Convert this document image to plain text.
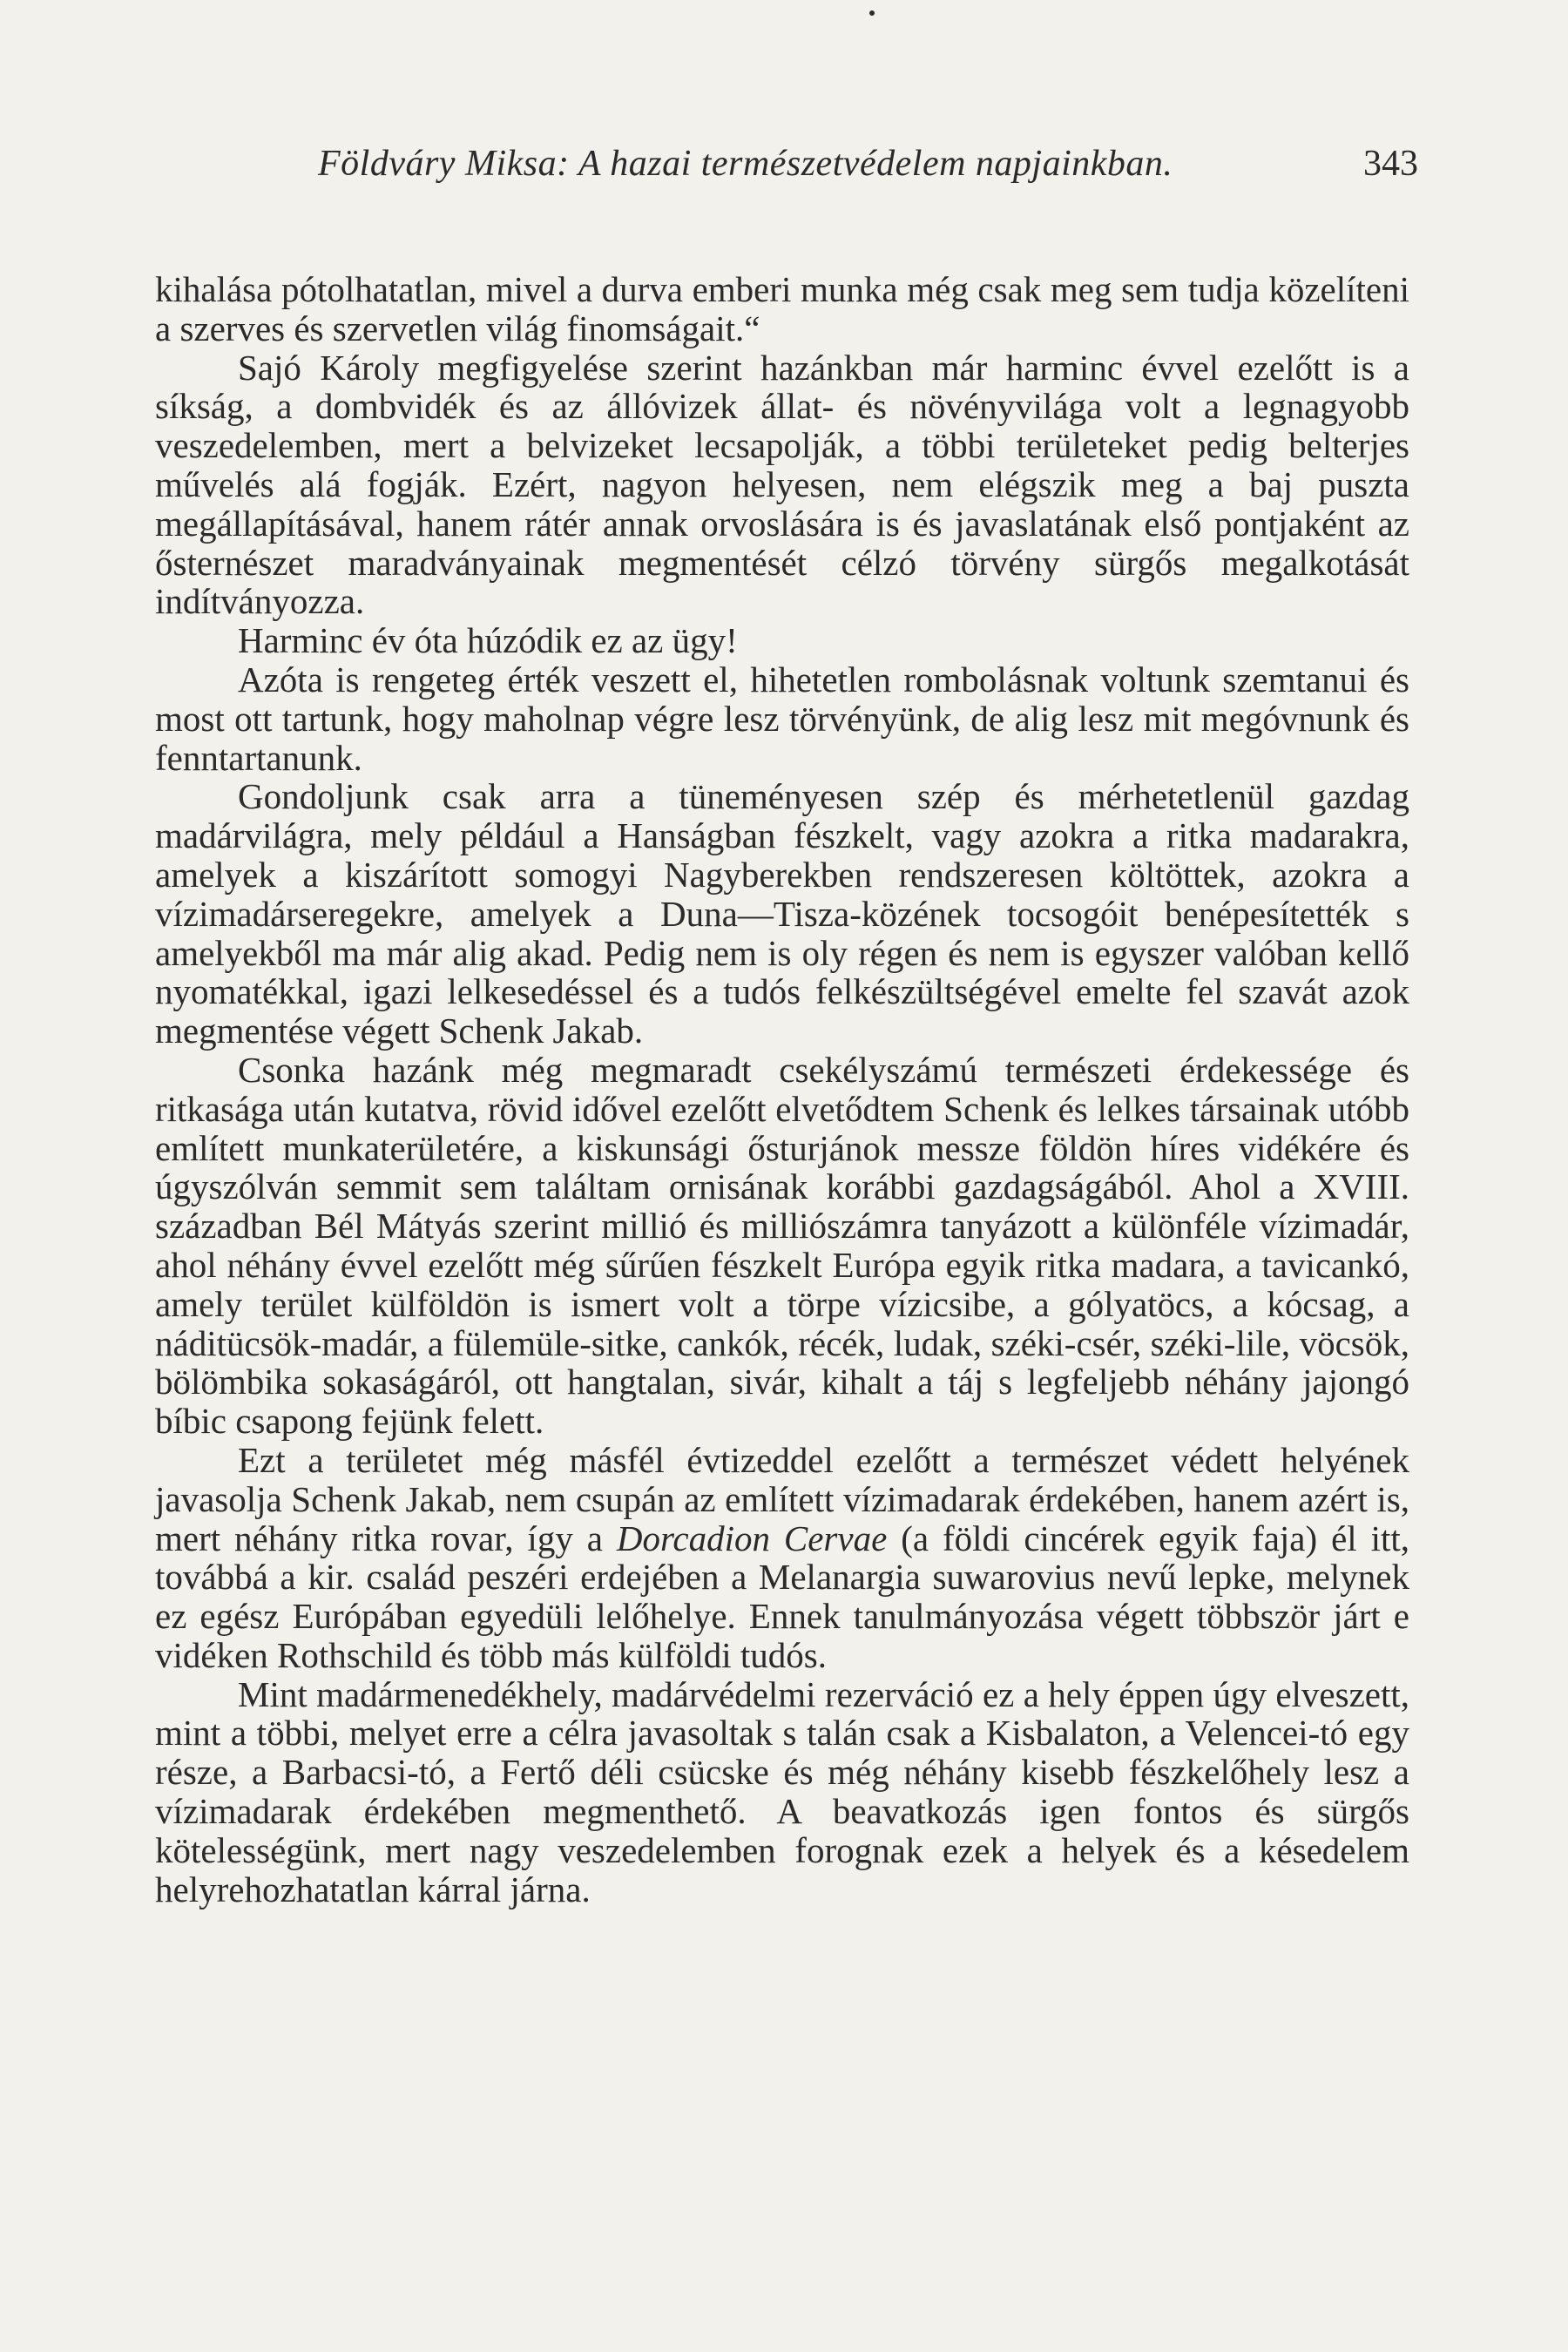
Földváry Miksa: A hazai természetvédelem napjainkban.	343

kihalása pótolhatatlan, mivel a durva emberi munka még csak meg sem tudja közelíteni a szerves és szervetlen világ finomságait.“

Sajó Károly megfigyelése szerint hazánkban már harminc évvel ezelőtt is a síkság, a dombvidék és az állóvizek állat- és növényvilága volt a legnagyobb veszedelemben, mert a belvizeket lecsapolják, a többi területeket pedig belterjes művelés alá fogják. Ezért, nagyon helyesen, nem elégszik meg a baj puszta megállapításával, hanem rátér annak orvoslására is és javaslatának első pontjaként az ősternészet maradványainak megmentését célzó törvény sürgős megalkotását indítványozza.

Harminc év óta húzódik ez az ügy!

Azóta is rengeteg érték veszett el, hihetetlen rombolásnak voltunk szemtanui és most ott tartunk, hogy maholnap végre lesz törvényünk, de alig lesz mit megóvnunk és fenntartanunk.

Gondoljunk csak arra a tüneményesen szép és mérhetetlenül gazdag madárvilágra, mely például a Hanságban fészkelt, vagy azokra a ritka madarakra, amelyek a kiszárított somogyi Nagyberekben rendszeresen költöttek, azokra a vízimadárseregekre, amelyek a Duna—Tisza-közének tocsogóit benépesítették s amelyekből ma már alig akad. Pedig nem is oly régen és nem is egyszer valóban kellő nyomatékkal, igazi lelkesedéssel és a tudós felkészültségével emelte fel szavát azok megmentése végett Schenk Jakab.

Csonka hazánk még megmaradt csekélyszámú természeti érdekessége és ritkasága után kutatva, rövid idővel ezelőtt elvetődtem Schenk és lelkes társainak utóbb említett munkaterületére, a kiskunsági ősturjánok messze földön híres vidékére és úgyszólván semmit sem találtam ornisának korábbi gazdagságából. Ahol a XVIII. században Bél Mátyás szerint millió és milliószámra tanyázott a különféle vízimadár, ahol néhány évvel ezelőtt még sűrűen fészkelt Európa egyik ritka madara, a tavicankó, amely terület külföldön is ismert volt a törpe vízicsibe, a gólyatöcs, a kócsag, a náditücsök-madár, a fülemüle-sitke, cankók, récék, ludak, széki-csér, széki-lile, vöcsök, bölömbika sokaságáról, ott hangtalan, sivár, kihalt a táj s legfeljebb néhány jajongó bíbic csapong fejünk felett.

Ezt a területet még másfél évtizeddel ezelőtt a természet védett helyének javasolja Schenk Jakab, nem csupán az említett vízimadarak érdekében, hanem azért is, mert néhány ritka rovar, így a Dorcadion Cervae (a földi cincérek egyik faja) él itt, továbbá a kir. család peszéri erdejében a Melanargia suwarovius nevű lepke, melynek ez egész Európában egyedüli lelőhelye. Ennek tanulmányozása végett többször járt e vidéken Rothschild és több más külföldi tudós.

Mint madármenedékhely, madárvédelmi rezerváció ez a hely éppen úgy elveszett, mint a többi, melyet erre a célra javasoltak s talán csak a Kisbalaton, a Velencei-tó egy része, a Barbacsi-tó, a Fertő déli csücske és még néhány kisebb fészkelőhely lesz a vízimadarak érdekében megmenthető. A beavatkozás igen fontos és sürgős kötelességünk, mert nagy veszedelemben forognak ezek a helyek és a késedelem helyrehozhatatlan kárral járna.
